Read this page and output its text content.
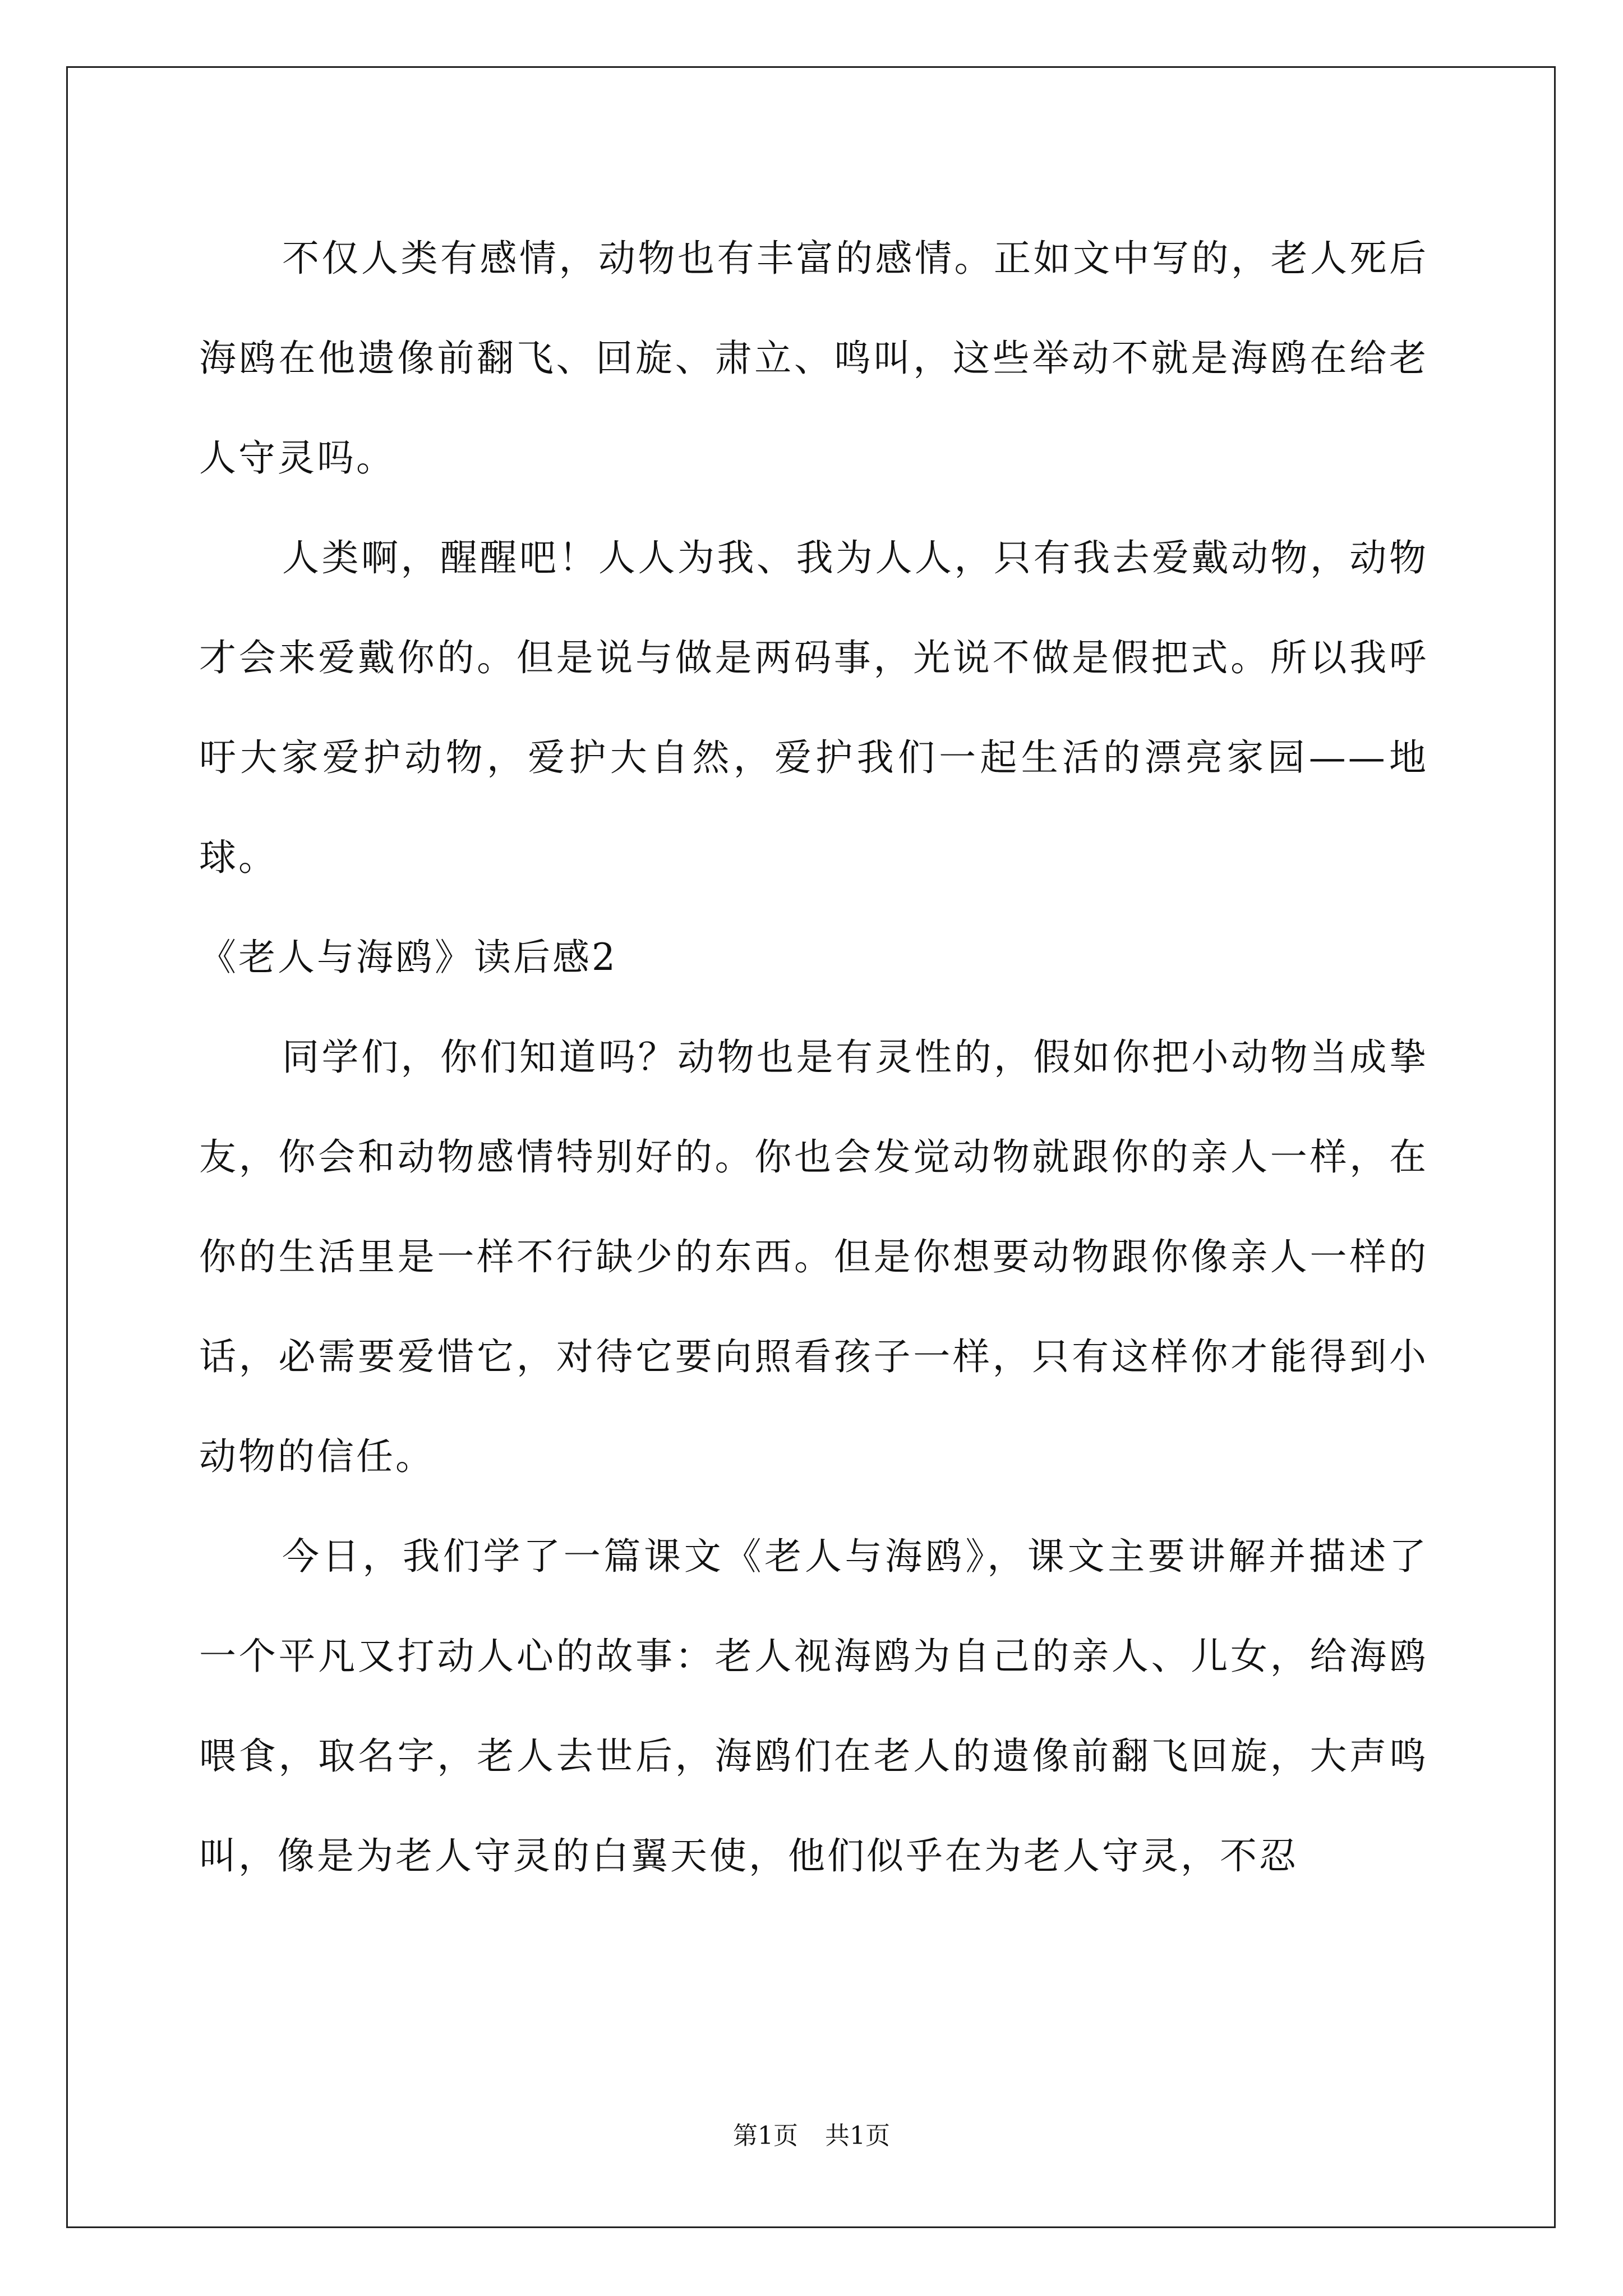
不仅人类有感情，动物也有丰富的感情。正如文中写的，老人死后海鸥在他遗像前翻飞、回旋、肃立、鸣叫，这些举动不就是海鸥在给老人守灵吗。

人类啊，醒醒吧！人人为我、我为人人，只有我去爱戴动物，动物才会来爱戴你的。但是说与做是两码事，光说不做是假把式。所以我呼吁大家爱护动物，爱护大自然，爱护我们一起生活的漂亮家园——地球。

《老人与海鸥》读后感2

同学们，你们知道吗？动物也是有灵性的，假如你把小动物当成挚友，你会和动物感情特别好的。你也会发觉动物就跟你的亲人一样，在你的生活里是一样不行缺少的东西。但是你想要动物跟你像亲人一样的话，必需要爱惜它，对待它要向照看孩子一样，只有这样你才能得到小动物的信任。

今日，我们学了一篇课文《老人与海鸥》，课文主要讲解并描述了一个平凡又打动人心的故事：老人视海鸥为自己的亲人、儿女，给海鸥喂食，取名字，老人去世后，海鸥们在老人的遗像前翻飞回旋，大声鸣叫，像是为老人守灵的白翼天使，他们似乎在为老人守灵，不忍

第1页 共1页
